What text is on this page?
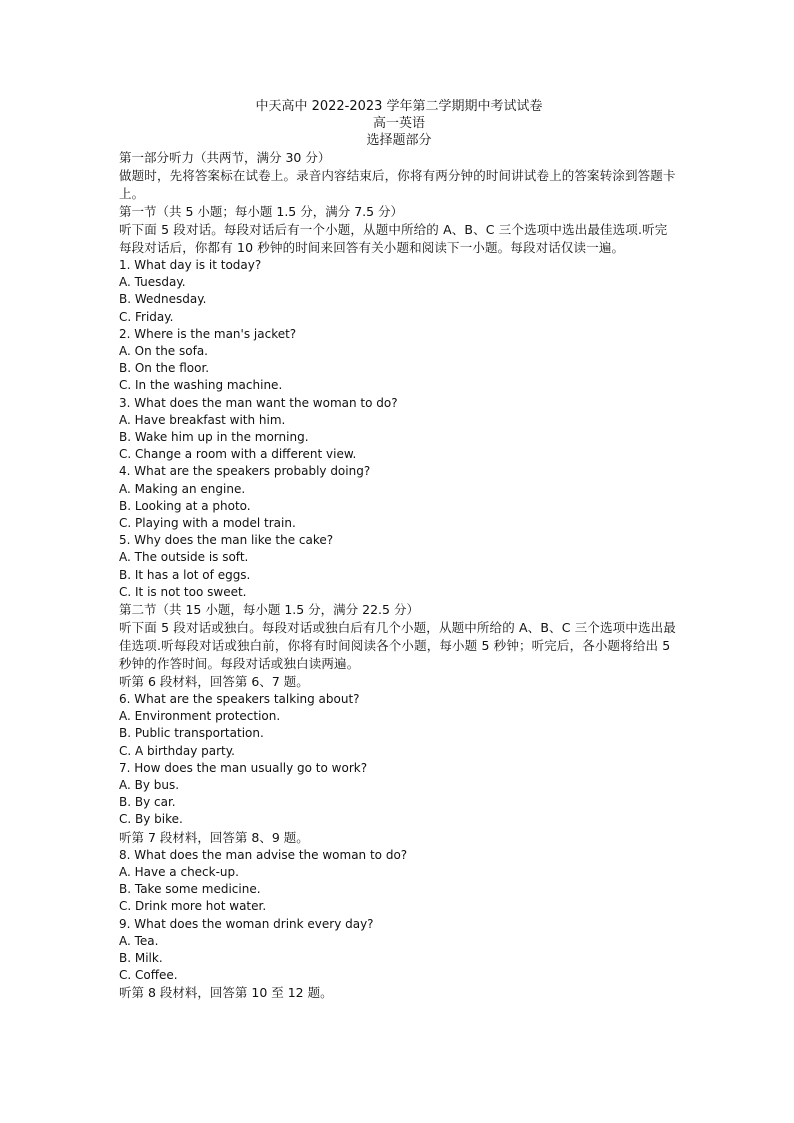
中天高中 2022-2023 学年第二学期期中考试试卷

高一英语

选择题部分

第一部分听力（共两节，满分 30 分）

做题时，先将答案标在试卷上。录音内容结束后，你将有两分钟的时间讲试卷上的答案转涂到答题卡上。

第一节（共 5 小题；每小题 1.5 分，满分 7.5 分）

听下面 5 段对话。每段对话后有一个小题，从题中所给的 A、B、C 三个选项中选出最佳选项.听完每段对话后，你都有 10 秒钟的时间来回答有关小题和阅读下一小题。每段对话仅读一遍。

1. What day is it today?

A. Tuesday.

B. Wednesday.

C. Friday.

2. Where is the man's jacket?

A. On the sofa.

B. On the floor.

C. In the washing machine.

3. What does the man want the woman to do?

A. Have breakfast with him.

B. Wake him up in the morning.

C. Change a room with a different view.

4. What are the speakers probably doing?

A. Making an engine.

B. Looking at a photo.

C. Playing with a model train.

5. Why does the man like the cake?

A. The outside is soft.

B. It has a lot of eggs.

C. It is not too sweet.

第二节（共 15 小题，每小题 1.5 分，满分 22.5 分）

听下面 5 段对话或独白。每段对话或独白后有几个小题，从题中所给的 A、B、C 三个选项中选出最佳选项.听每段对话或独白前，你将有时间阅读各个小题，每小题 5 秒钟；听完后，各小题将给出 5 秒钟的作答时间。每段对话或独白读两遍。

听第 6 段材料，回答第 6、7 题。

6. What are the speakers talking about?

A. Environment protection.

B. Public transportation.

C. A birthday party.

7. How does the man usually go to work?

A. By bus.

B. By car.

C. By bike.

听第 7 段材料，回答第 8、9 题。

8. What does the man advise the woman to do?

A. Have a check-up.

B. Take some medicine.

C. Drink more hot water.

9. What does the woman drink every day?

A. Tea.

B. Milk.

C. Coffee.

听第 8 段材料，回答第 10 至 12 题。
